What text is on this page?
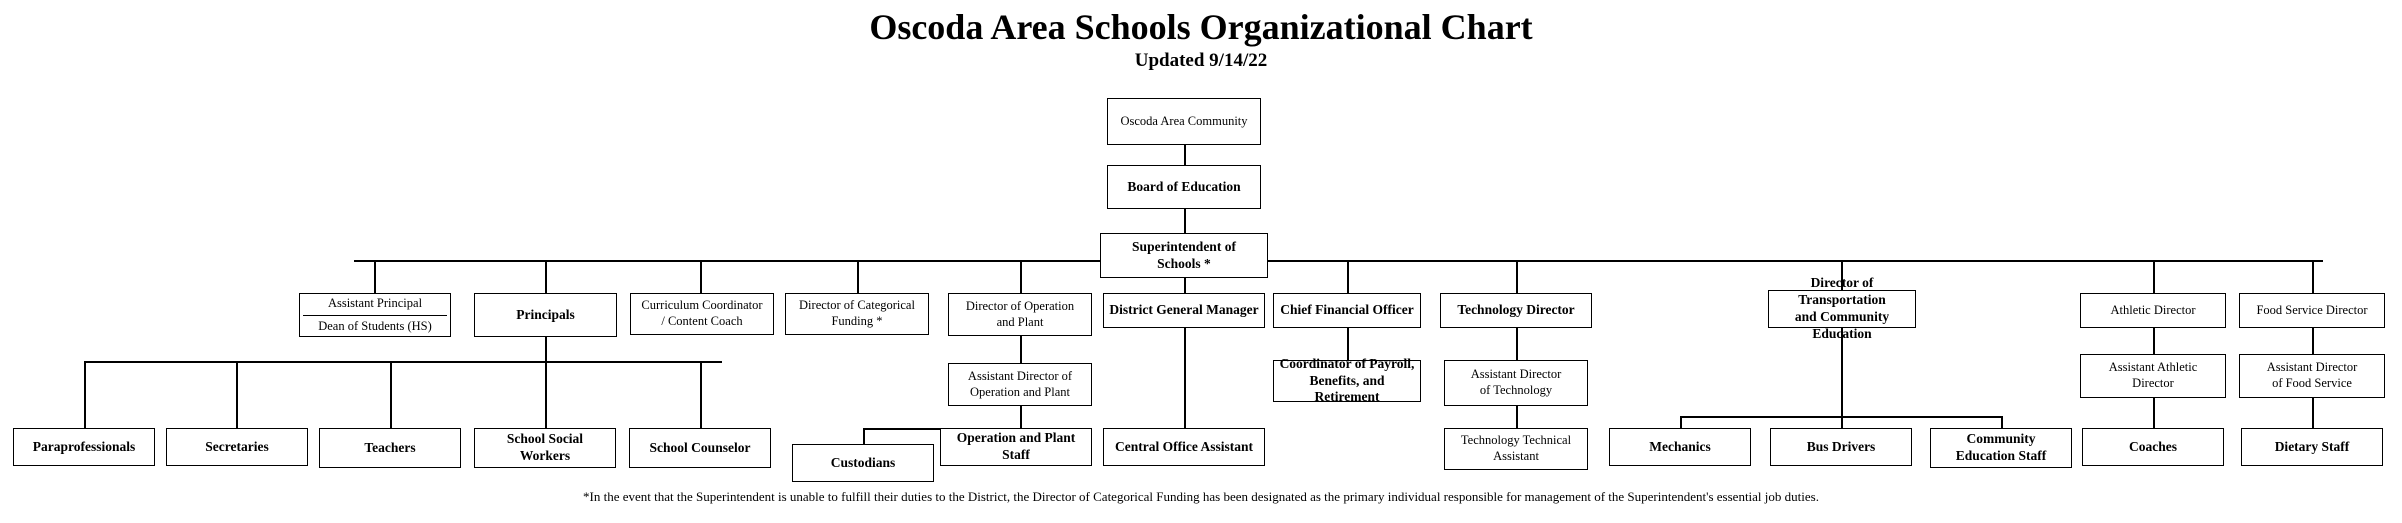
Oscoda Area Schools Organizational Chart
Updated 9/14/22
Oscoda Area Community
Board of Education
Superintendent of
Schools *
Assistant Principal
Dean of Students (HS)
Principals
Curriculum Coordinator
/ Content Coach
Director of Categorical
Funding *
Director of Operation
and Plant
District General Manager Chief Financial Officer	Technology Director
Director of Transportation
and Community Education
Athletic Director	Food Service Director
Assistant Director of
Operation and Plant
Coordinator of Payroll,
Benefits, and Retirement
Assistant Director
of Technology
Assistant Athletic
Director
Assistant Director
of Food Service
Paraprofessionals	Secretaries	Teachers
School Social
Workers
School Counselor
Custodians
Operation and Plant Staff
Central Office Assistant	Technology Technical
Assistant
Mechanics	Bus Drivers	Community
Education Staff
Coaches	Dietary Staff
*In the event that the Superintendent is unable to fulfill their duties to the District, the Director of Categorical Funding has been designated as the primary individual responsible for management of the Superintendent's essential job duties.
